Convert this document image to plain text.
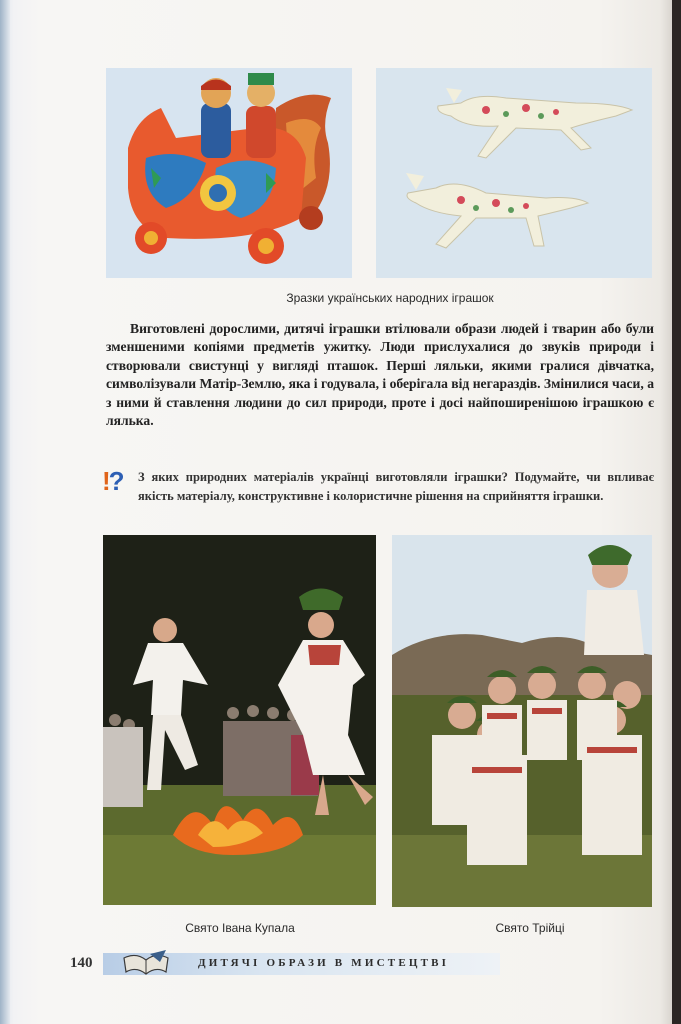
Зразки українських народних іграшок

Виготовлені дорослими, дитячі іграшки втілювали образи людей і тварин або були зменшеними копіями предметів ужитку. Люди прислухалися до звуків природи і створювали свистунці у вигляді пташок. Перші ляльки, якими гралися дівчатка, символізували Матір-Землю, яка і годувала, і оберігала від негараздів. Змінилися часи, а з ними й ставлення людини до сил природи, проте і досі найпоширенішою іграшкою є лялька.

!? З яких природних матеріалів українці виготовляли іграшки? Подумайте, чи впливає якість матеріалу, конструктивне і колористичне рішення на сприйняття іграшки.

Свято Івана Купала	Свято Трійці
140	ДИТЯЧІ ОБРАЗИ В МИСТЕЦТВІ
